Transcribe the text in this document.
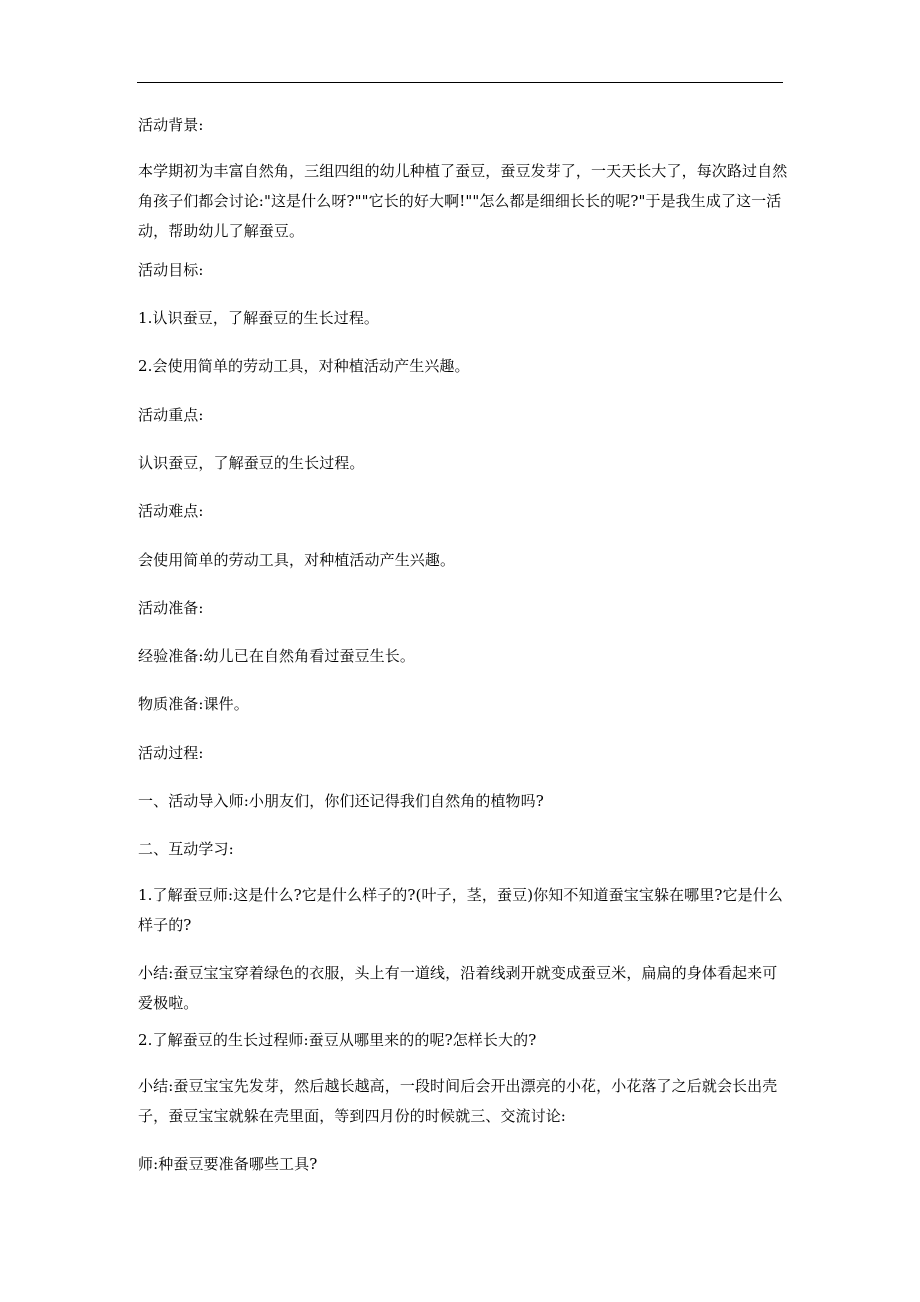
活动背景:

本学期初为丰富自然角，三组四组的幼儿种植了蚕豆，蚕豆发芽了，一天天长大了，每次路过自然角孩子们都会讨论:"这是什么呀?""它长的好大啊!""怎么都是细细长长的呢?"于是我生成了这一活动，帮助幼儿了解蚕豆。

活动目标:

1.认识蚕豆，了解蚕豆的生长过程。

2.会使用简单的劳动工具，对种植活动产生兴趣。

活动重点:

认识蚕豆，了解蚕豆的生长过程。

活动难点:

会使用简单的劳动工具，对种植活动产生兴趣。

活动准备:

经验准备:幼儿已在自然角看过蚕豆生长。

物质准备:课件。

活动过程:

一、活动导入师:小朋友们，你们还记得我们自然角的植物吗?

二、互动学习:

1.了解蚕豆师:这是什么?它是什么样子的?(叶子，茎，蚕豆)你知不知道蚕宝宝躲在哪里?它是什么样子的?

小结:蚕豆宝宝穿着绿色的衣服，头上有一道线，沿着线剥开就变成蚕豆米，扁扁的身体看起来可爱极啦。

2.了解蚕豆的生长过程师:蚕豆从哪里来的的呢?怎样长大的?

小结:蚕豆宝宝先发芽，然后越长越高，一段时间后会开出漂亮的小花，小花落了之后就会长出壳子，蚕豆宝宝就躲在壳里面，等到四月份的时候就三、交流讨论:

师:种蚕豆要准备哪些工具?
